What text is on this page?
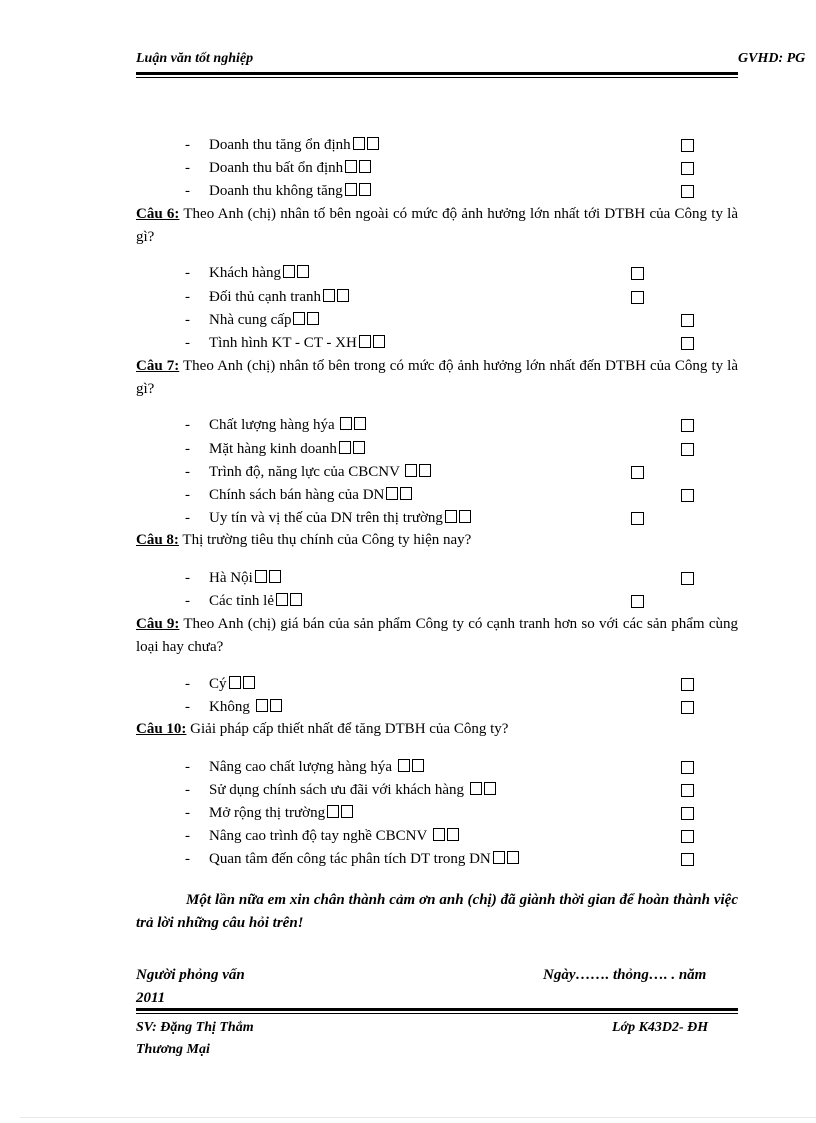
Luận văn tốt nghiệp	GVHD: PG
- Doanh thu tăng ổn định
- Doanh thu bất ổn định
- Doanh thu không tăng
Câu 6: Theo Anh (chị) nhân tố bên ngoài có mức độ ảnh hưởng lớn nhất tới DTBH của Công ty là gì?
- Khách hàng
- Đối thủ cạnh tranh
- Nhà cung cấp
- Tình hình KT - CT - XH
Câu 7: Theo Anh (chị) nhân tố bên trong có mức độ ảnh hưởng lớn nhất đến DTBH của Công ty là gì?
- Chất lượng hàng hýa
- Mặt hàng kinh doanh
- Trình độ, năng lực của CBCNV
- Chính sách bán hàng của DN
- Uy tín và vị thế của DN trên thị trường
Câu 8: Thị trường tiêu thụ chính của Công ty hiện nay?
- Hà Nội
- Các tỉnh lẻ
Câu 9: Theo Anh (chị) giá bán của sản phẩm Công ty có cạnh tranh hơn so với các sản phẩm cùng loại hay chưa?
- Cý
- Không
Câu 10: Giải pháp cấp thiết nhất để tăng DTBH của Công ty?
- Nâng cao chất lượng hàng hýa
- Sử dụng chính sách ưu đãi với khách hàng
- Mở rộng thị trường
- Nâng cao trình độ tay nghề CBCNV
- Quan tâm đến công tác phân tích DT trong DN
Một lần nữa em xin chân thành cảm ơn anh (chị) đã giành thời gian để hoàn thành việc trả lời những câu hỏi trên!
Người phỏng vấn	Ngày……. thỏng…. . năm
2011
SV: Đặng Thị Thắm	Lớp K43D2- ĐH
Thương Mại
